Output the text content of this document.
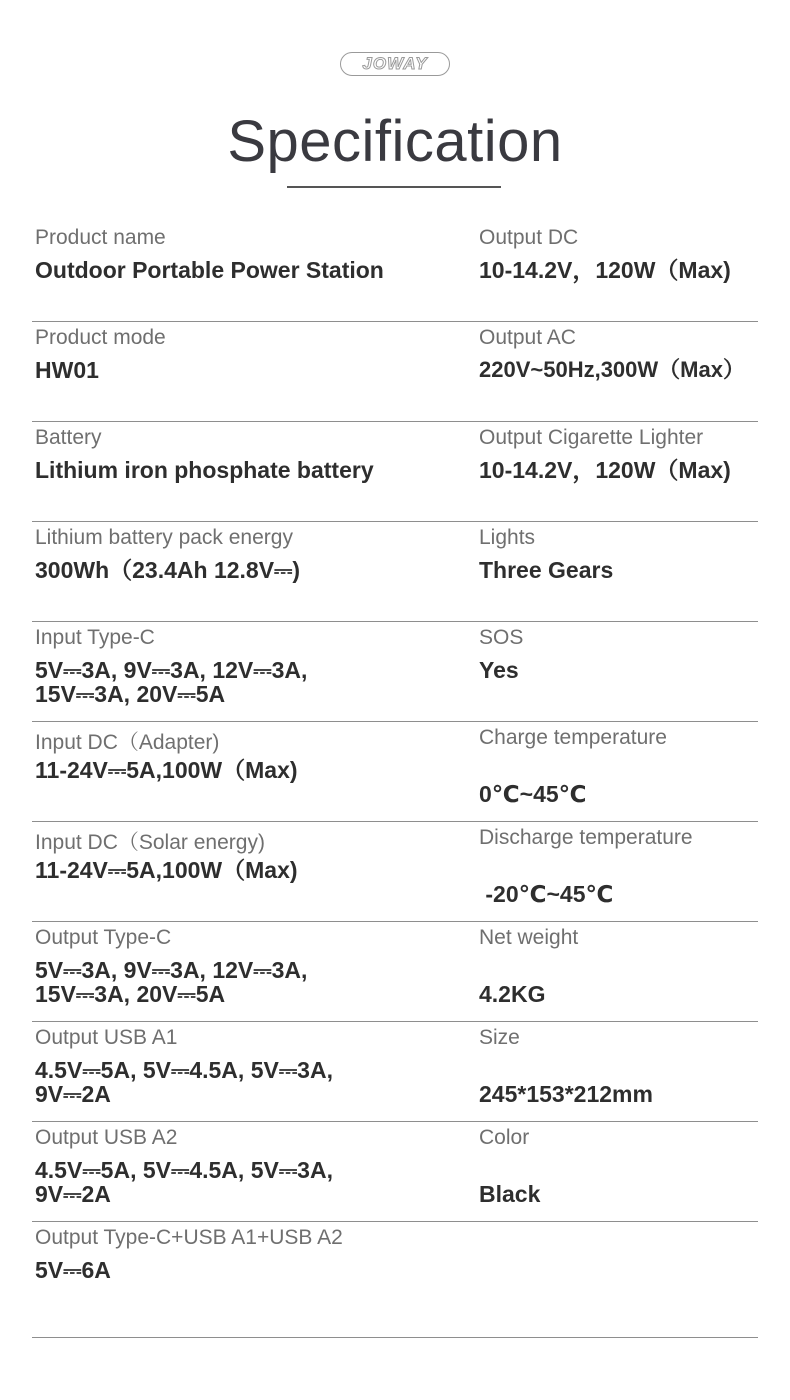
JOWAY
Specification
Product name
Outdoor Portable Power Station
Output DC
10-14.2V，120W（Max)
Product mode
HW01
Output AC
220V~50Hz,300W（Max）
Battery
Lithium iron phosphate battery
Output Cigarette Lighter
10-14.2V，120W（Max)
Lithium battery pack energy
300Wh（23.4Ah 12.8V⎓)
Lights
Three Gears
Input Type-C
5V⎓3A, 9V⎓3A, 12V⎓3A,
15V⎓3A, 20V⎓5A
SOS
Yes
Input DC（Adapter)
11-24V⎓5A,100W（Max)
Charge temperature
0℃~45℃
Input DC（Solar energy)
11-24V⎓5A,100W（Max)
Discharge temperature
-20℃~45℃
Output Type-C
5V⎓3A, 9V⎓3A, 12V⎓3A,
15V⎓3A, 20V⎓5A
Net weight
4.2KG
Output USB A1
4.5V⎓5A, 5V⎓4.5A, 5V⎓3A,
9V⎓2A
Size
245*153*212mm
Output USB A2
4.5V⎓5A, 5V⎓4.5A, 5V⎓3A,
9V⎓2A
Color
Black
Output Type-C+USB A1+USB A2
5V⎓6A
